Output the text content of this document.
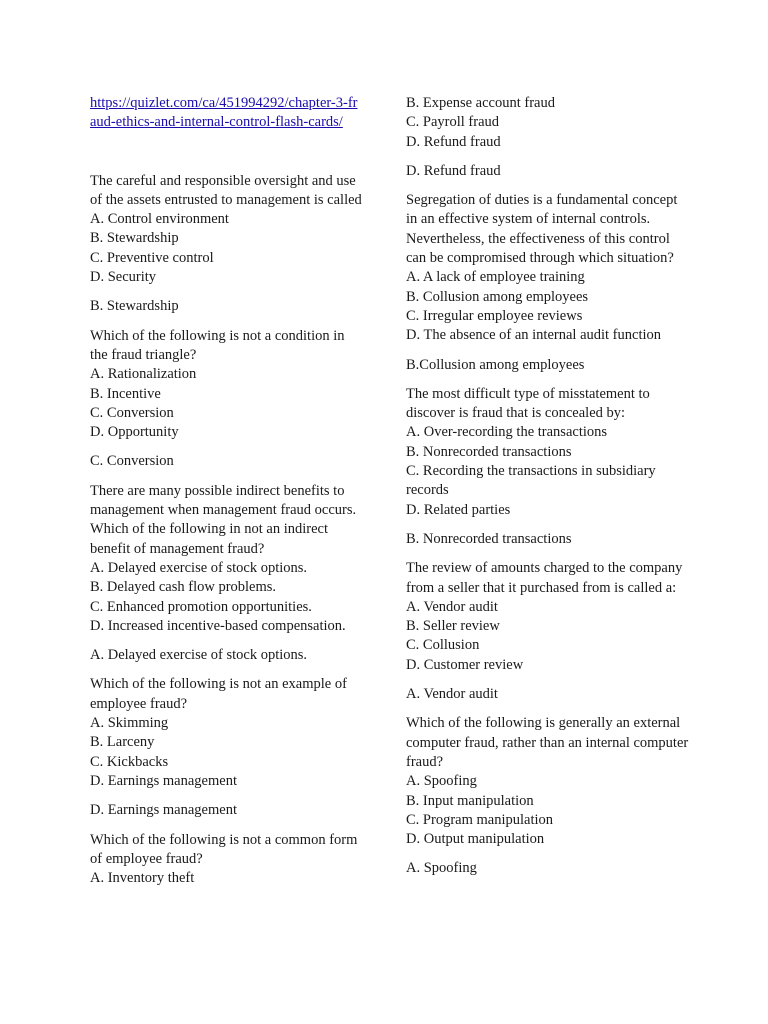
https://quizlet.com/ca/451994292/chapter-3-fraud-ethics-and-internal-control-flash-cards/

The careful and responsible oversight and use of the assets entrusted to management is called

A. Control environment
B. Stewardship
C. Preventive control
D. Security
B. Stewardship

Which of the following is not a condition in the fraud triangle?

A. Rationalization
B. Incentive
C. Conversion
D. Opportunity
C. Conversion

There are many possible indirect benefits to management when management fraud occurs. Which of the following in not an indirect benefit of management fraud?

A. Delayed exercise of stock options.
B. Delayed cash flow problems.
C. Enhanced promotion opportunities.
D. Increased incentive-based compensation.
A. Delayed exercise of stock options.

Which of the following is not an example of employee fraud?

A. Skimming
B. Larceny
C. Kickbacks
D. Earnings management
D. Earnings management

Which of the following is not a common form of employee fraud?

A. Inventory theft
B. Expense account fraud
C. Payroll fraud
D. Refund fraud
D. Refund fraud

Segregation of duties is a fundamental concept in an effective system of internal controls. Nevertheless, the effectiveness of this control can be compromised through which situation?

A. A lack of employee training
B. Collusion among employees
C. Irregular employee reviews
D. The absence of an internal audit function
B.Collusion among employees

The most difficult type of misstatement to discover is fraud that is concealed by:

A. Over-recording the transactions
B. Nonrecorded transactions
C. Recording the transactions in subsidiary records
D. Related parties
B. Nonrecorded transactions

The review of amounts charged to the company from a seller that it purchased from is called a:

A. Vendor audit
B. Seller review
C. Collusion
D. Customer review
A. Vendor audit

Which of the following is generally an external computer fraud, rather than an internal computer fraud?

A. Spoofing
B. Input manipulation
C. Program manipulation
D. Output manipulation
A. Spoofing
